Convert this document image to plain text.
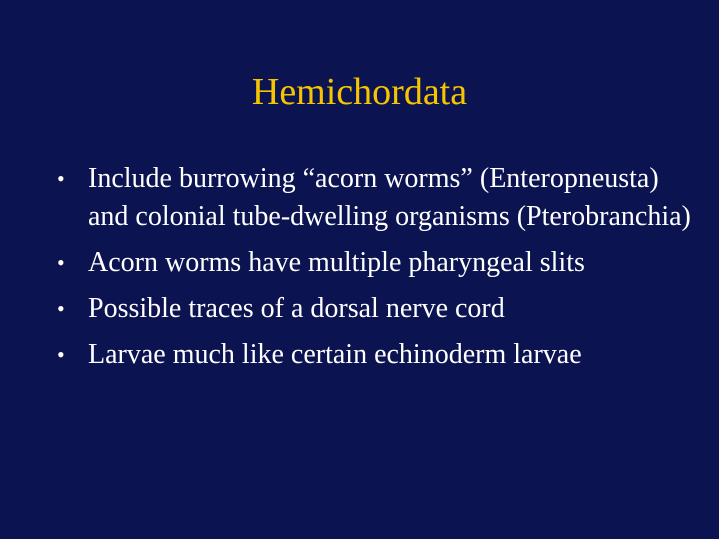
Hemichordata
• Include burrowing “acorn worms” (Enteropneusta) and colonial tube-dwelling organisms (Pterobranchia)
• Acorn worms have multiple pharyngeal slits
• Possible traces of a dorsal nerve cord
• Larvae much like certain echinoderm larvae
